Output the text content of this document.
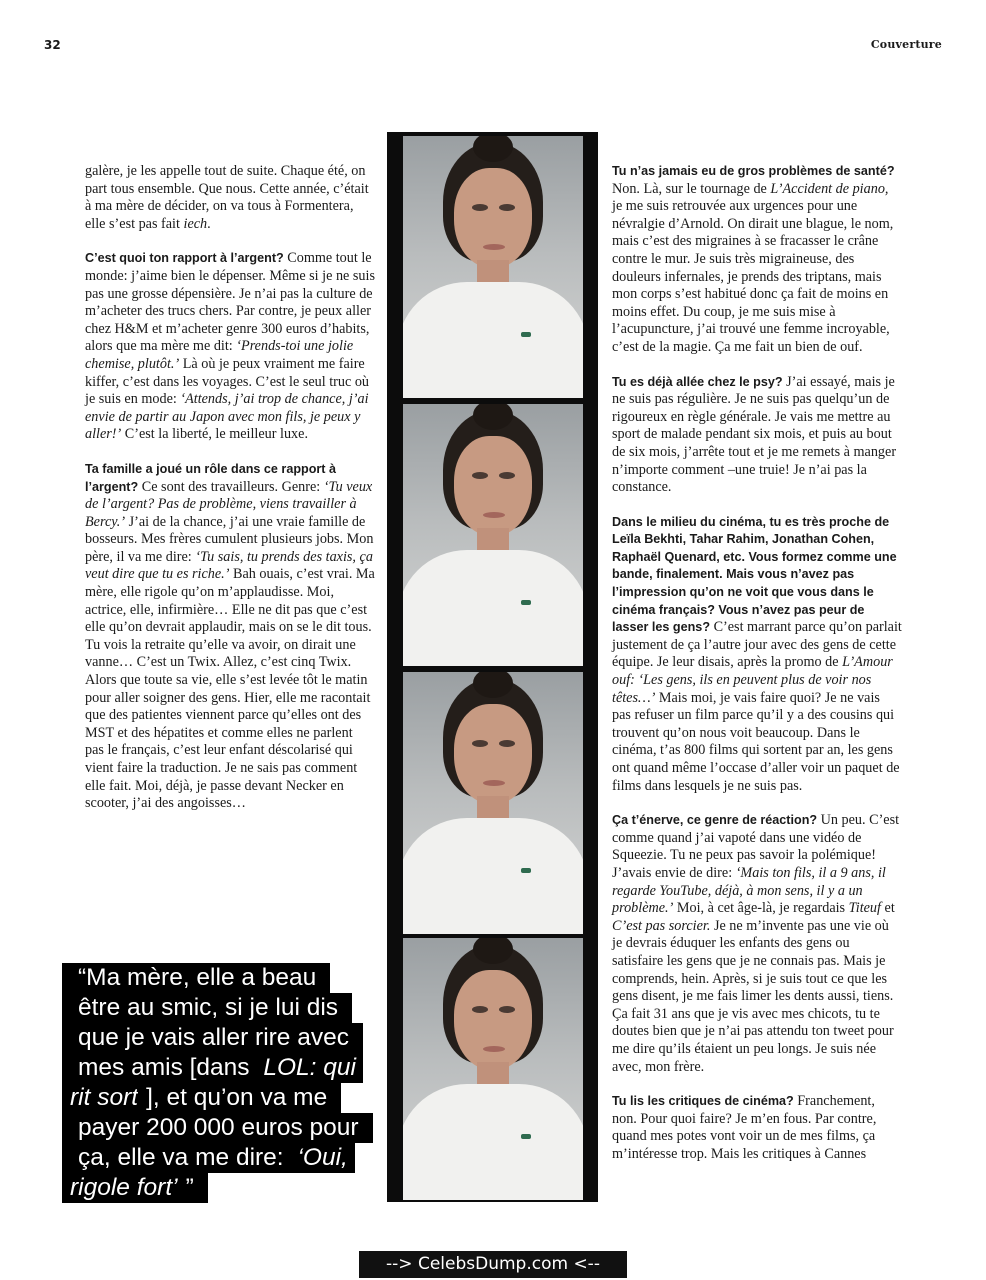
32	Couverture

galère, je les appelle tout de suite. Chaque été, on part tous ensemble. Que nous. Cette année, c’était à ma mère de décider, on va tous à Formentera, elle s’est pas fait iech.

C’est quoi ton rapport à l’argent? Comme tout le monde: j’aime bien le dépenser. Même si je ne suis pas une grosse dépensière. Je n’ai pas la culture de m’acheter des trucs chers. Par contre, je peux aller chez H&M et m’acheter genre 300 euros d’habits, alors que ma mère me dit: ‘Prends-toi une jolie chemise, plutôt.’ Là où je peux vraiment me faire kiffer, c’est dans les voyages. C’est le seul truc où je suis en mode: ‘Attends, j’ai trop de chance, j’ai envie de partir au Japon avec mon fils, je peux y aller!’ C’est la liberté, le meilleur luxe.

Ta famille a joué un rôle dans ce rapport à l’argent? Ce sont des travailleurs. Genre: ‘Tu veux de l’argent? Pas de problème, viens travailler à Bercy.’ J’ai de la chance, j’ai une vraie famille de bosseurs. Mes frères cumulent plusieurs jobs. Mon père, il va me dire: ‘Tu sais, tu prends des taxis, ça veut dire que tu es riche.’ Bah ouais, c’est vrai. Ma mère, elle rigole qu’on m’applaudisse. Moi, actrice, elle, infirmière… Elle ne dit pas que c’est elle qu’on devrait applaudir, mais on se le dit tous. Tu vois la retraite qu’elle va avoir, on dirait une vanne… C’est un Twix. Allez, c’est cinq Twix. Alors que toute sa vie, elle s’est levée tôt le matin pour aller soigner des gens. Hier, elle me racontait que des patientes viennent parce qu’elles ont des MST et des hépatites et comme elles ne parlent pas le français, c’est leur enfant déscolarisé qui vient faire la traduction. Je ne sais pas comment elle fait. Moi, déjà, je passe devant Necker en scooter, j’ai des angoisses…

Tu n’as jamais eu de gros problèmes de santé? Non. Là, sur le tournage de L’Accident de piano, je me suis retrouvée aux urgences pour une névralgie d’Arnold. On dirait une blague, le nom, mais c’est des migraines à se fracasser le crâne contre le mur. Je suis très migraineuse, des douleurs infernales, je prends des triptans, mais mon corps s’est habitué donc ça fait de moins en moins effet. Du coup, je me suis mise à l’acupuncture, j’ai trouvé une femme incroyable, c’est de la magie. Ça me fait un bien de ouf.

Tu es déjà allée chez le psy? J’ai essayé, mais je ne suis pas régulière. Je ne suis pas quelqu’un de rigoureux en règle générale. Je vais me mettre au sport de malade pendant six mois, et puis au bout de six mois, j’arrête tout et je me remets à manger n’importe comment –une truie! Je n’ai pas la constance.

Dans le milieu du cinéma, tu es très proche de Leïla Bekhti, Tahar Rahim, Jonathan Cohen, Raphaël Quenard, etc. Vous formez comme une bande, finalement. Mais vous n’avez pas l’impression qu’on ne voit que vous dans le cinéma français? Vous n’avez pas peur de lasser les gens? C’est marrant parce qu’on parlait justement de ça l’autre jour avec des gens de cette équipe. Je leur disais, après la promo de L’Amour ouf: ‘Les gens, ils en peuvent plus de voir nos têtes…’ Mais moi, je vais faire quoi? Je ne vais pas refuser un film parce qu’il y a des cousins qui trouvent qu’on nous voit beaucoup. Dans le cinéma, t’as 800 films qui sortent par an, les gens ont quand même l’occase d’aller voir un paquet de films dans lesquels je ne suis pas.

Ça t’énerve, ce genre de réaction? Un peu. C’est comme quand j’ai vapoté dans une vidéo de Squeezie. Tu ne peux pas savoir la polémique! J’avais envie de dire: ‘Mais ton fils, il a 9 ans, il regarde YouTube, déjà, à mon sens, il y a un problème.’ Moi, à cet âge-là, je regardais Titeuf et C’est pas sorcier. Je ne m’invente pas une vie où je devrais éduquer les enfants des gens ou satisfaire les gens que je ne connais pas. Mais je comprends, hein. Après, si je suis tout ce que les gens disent, je me fais limer les dents aussi, tiens. Ça fait 31 ans que je vis avec mes chicots, tu te doutes bien que je n’ai pas attendu ton tweet pour me dire qu’ils étaient un peu longs. Je suis née avec, mon frère.

Tu lis les critiques de cinéma? Franchement, non. Pour quoi faire? Je m’en fous. Par contre, quand mes potes vont voir un de mes films, ça m’intéresse trop. Mais les critiques à Cannes

“Ma mère, elle a beau être au smic, si je lui dis que je vais aller rire avec mes amis [dans LOL: qui rit sort ], et qu’on va me payer 200 000 euros pour ça, elle va me dire: ‘Oui, rigole fort’ ”
--> CelebsDump.com <--
